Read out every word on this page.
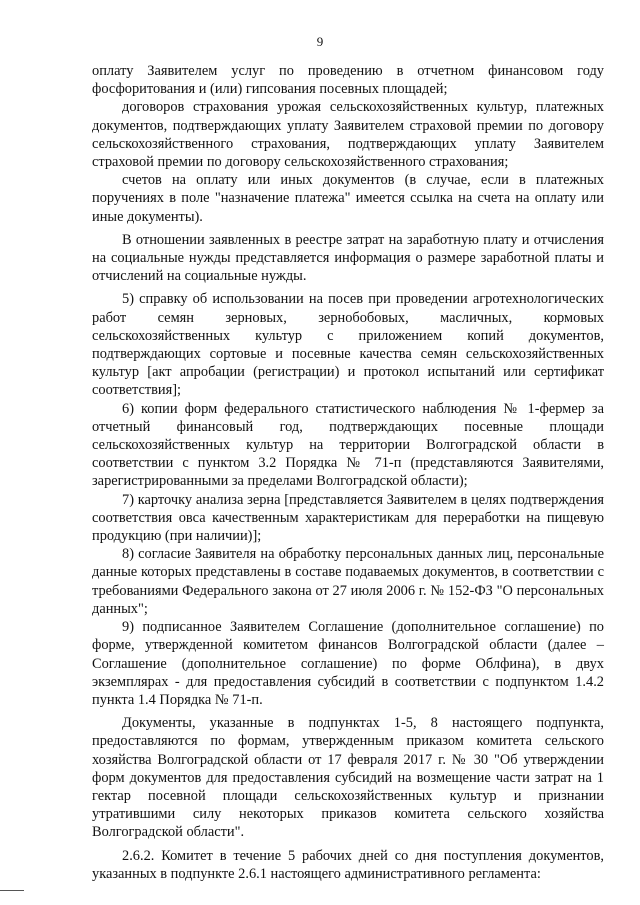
9

оплату Заявителем услуг по проведению в отчетном финансовом году фосфоритования и (или) гипсования посевных площадей;

договоров страхования урожая сельскохозяйственных культур, платежных документов, подтверждающих уплату Заявителем страховой премии по договору сельскохозяйственного страхования, подтверждающих уплату Заявителем страховой премии по договору сельскохозяйственного страхования;

счетов на оплату или иных документов (в случае, если в платежных поручениях в поле "назначение платежа" имеется ссылка на счета на оплату или иные документы).

В отношении заявленных в реестре затрат на заработную плату и отчисления на социальные нужды представляется информация о размере заработной платы и отчислений на социальные нужды.

5) справку об использовании на посев при проведении агротехнологических работ семян зерновых, зернобобовых, масличных, кормовых сельскохозяйственных культур с приложением копий документов, подтверждающих сортовые и посевные качества семян сельскохозяйственных культур [акт апробации (регистрации) и протокол испытаний или сертификат соответствия];

6) копии форм федерального статистического наблюдения № 1-фермер за отчетный финансовый год, подтверждающих посевные площади сельскохозяйственных культур на территории Волгоградской области в соответствии с пунктом 3.2 Порядка № 71-п (представляются Заявителями, зарегистрированными за пределами Волгоградской области);

7) карточку анализа зерна [представляется Заявителем в целях подтверждения соответствия овса качественным характеристикам для переработки на пищевую продукцию (при наличии)];

8) согласие Заявителя на обработку персональных данных лиц, персональные данные которых представлены в составе подаваемых документов, в соответствии с требованиями Федерального закона от 27 июля 2006 г. № 152-ФЗ "О персональных данных";

9) подписанное Заявителем Соглашение (дополнительное соглашение) по форме, утвержденной комитетом финансов Волгоградской области (далее – Соглашение (дополнительное соглашение) по форме Облфина), в двух экземплярах - для предоставления субсидий в соответствии с подпунктом 1.4.2 пункта 1.4 Порядка № 71-п.

Документы, указанные в подпунктах 1-5, 8 настоящего подпункта, предоставляются по формам, утвержденным приказом комитета сельского хозяйства Волгоградской области от 17 февраля 2017 г. № 30 "Об утверждении форм документов для предоставления субсидий на возмещение части затрат на 1 гектар посевной площади сельскохозяйственных культур и признании утратившими силу некоторых приказов комитета сельского хозяйства Волгоградской области".

2.6.2. Комитет в течение 5 рабочих дней со дня поступления документов, указанных в подпункте 2.6.1 настоящего административного регламента:
